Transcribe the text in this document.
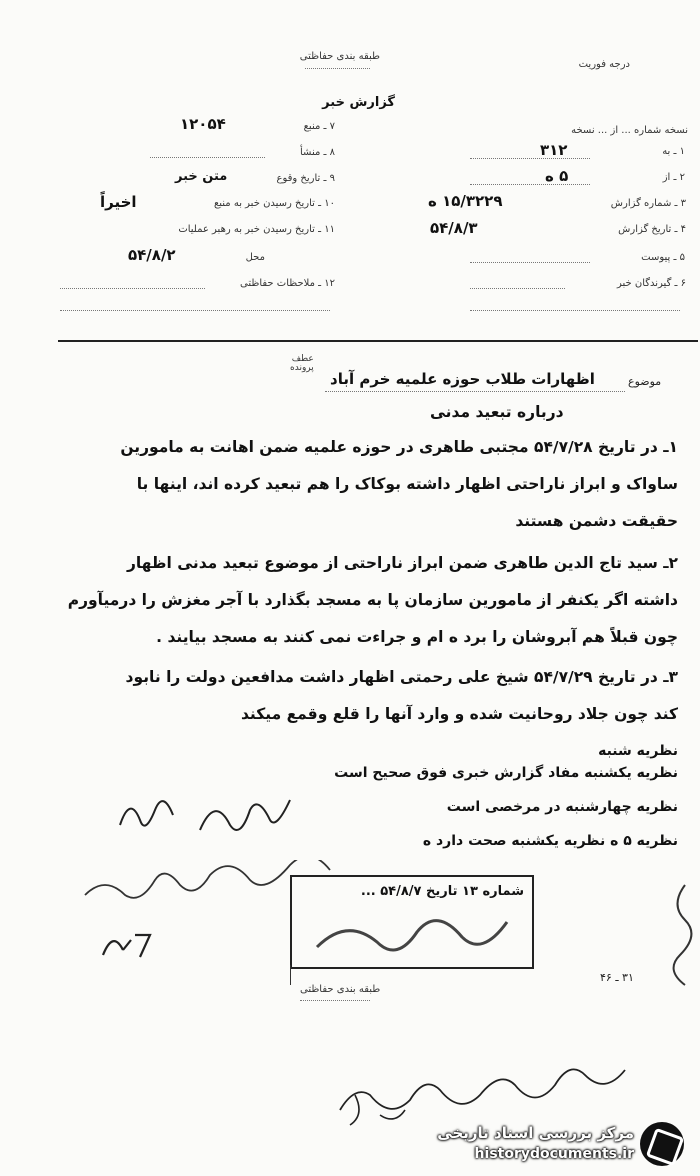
درجه فوریت
طبقه بندی حفاظتی
گزارش خبر
نسخه شماره ... از ... نسخه
۱ ـ به
۳۱۲
۲ ـ از
۵ ه
۳ ـ شماره گزارش
۱۵/۳۲۲۹ ه
۴ ـ تاریخ گزارش
۵۴/۸/۳
۵ ـ پیوست
۶ ـ گیرندگان خبر
۷ ـ منبع
۱۲۰۵۴
۸ ـ منشأ
۹ ـ تاریخ وقوع
متن خبر
۱۰ ـ تاریخ رسیدن خبر به منبع
اخیراً
۱۱ ـ تاریخ رسیدن خبر به رهبر عملیات
محل
۵۴/۸/۲
۱۲ ـ ملاحظات حفاظتی
موضوع
اظهارات طلاب حوزه علمیه خرم آباد
عطف
پرونده
درباره تبعید مدنی
۱ـ در تاریخ ۵۴/۷/۲۸ مجتبی طاهری در حوزه علمیه ضمن اهانت به مامورین
ساواک و ابراز ناراحتی اظهار داشته بوکاک را هم تبعید کرده اند، اینها با
حقیقت دشمن هستند
۲ـ سید تاج الدین طاهری ضمن ابراز ناراحتی از موضوع تبعید مدنی اظهار
داشته اگر یکنفر از مامورین سازمان پا به مسجد بگذارد با آجر مغزش را درمیآورم
چون قبلاً هم آبروشان را برد ه ام و جراءت نمی کنند به مسجد بیایند .
۳ـ در تاریخ ۵۴/۷/۲۹ شیخ علی رحمتی اظهار داشت مدافعین دولت را نابود
کند چون جلاد روحانیت شده و وارد آنها را قلع وقمع میکند
نظریه شنبه
نظریه یکشنبه مفاد گزارش خبری فوق صحیح است
نظریه چهارشنبه در مرخصی است
نظریه ۵ ه نظریه یکشنبه صحت دارد ه
شماره ۱۳ تاریخ ۵۴/۸/۷ ...
۳۱ ـ ۴۶
طبقه بندی حفاظتی
مرکز بررسی اسناد تاریخی
historydocuments.ir
